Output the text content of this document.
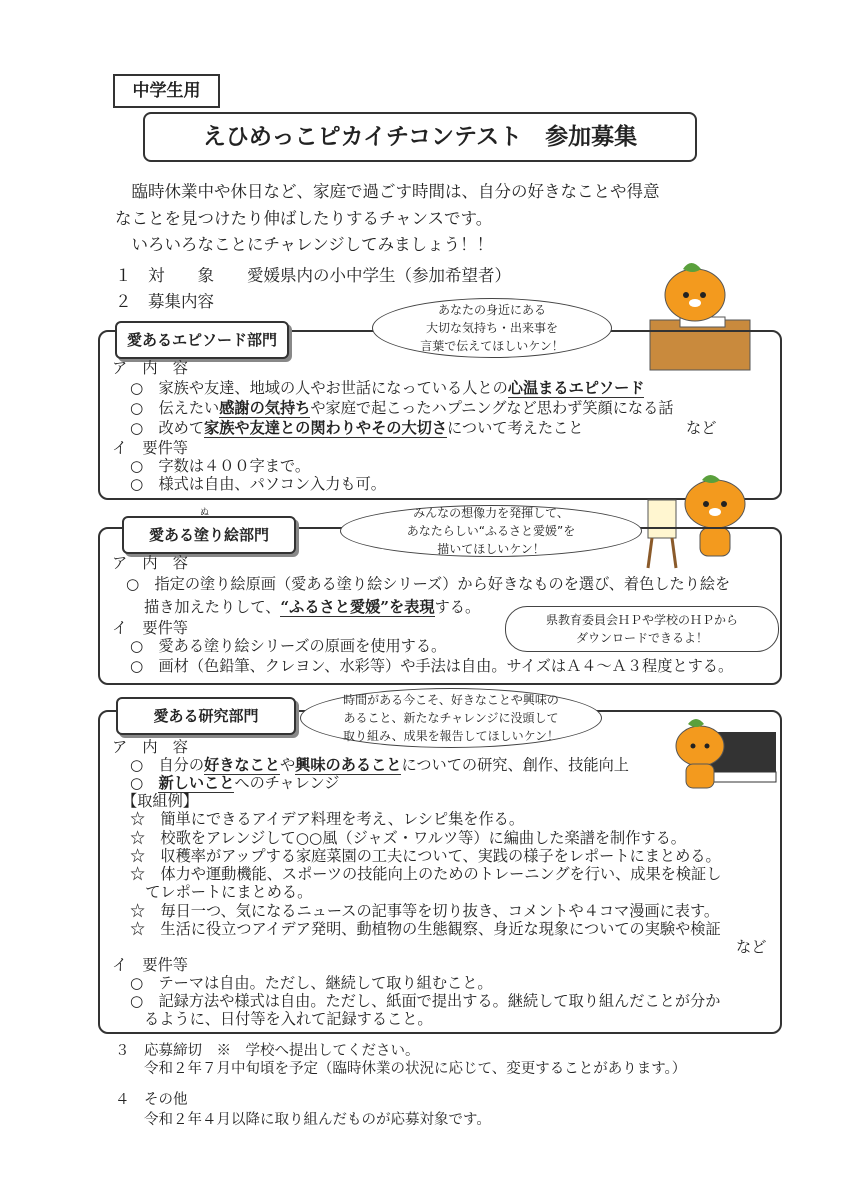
中学生用
えひめっこピカイチコンテスト　参加募集
　臨時休業中や休日など、家庭で過ごす時間は、自分の好きなことや得意
なことを見つけたり伸ばしたりするチャンスです。
　いろいろなことにチャレンジしてみましょう！！
１　対　　象　　愛媛県内の小中学生（参加希望者）
２　募集内容
愛あるエピソード部門
あなたの身近にある
大切な気持ち・出来事を
言葉で伝えてほしいケン！
ア　内　容
○　家族や友達、地域の人やお世話になっている人との心温まるエピソード
○　伝えたい感謝の気持ちや家庭で起こったハプニングなど思わず笑顔になる話
○　改めて家族や友達との関わりやその大切さについて考えたこと	など
イ　要件等
○　字数は４００字まで。
○　様式は自由、パソコン入力も可。
愛ある塗り絵部門
ぬ	みんなの想像力を発揮して、
あなたらしい“ふるさと愛媛”を
描いてほしいケン！
ア　内　容
○　指定の塗り絵原画（愛ある塗り絵シリーズ）から好きなものを選び、着色したり絵を
描き加えたりして、“ふるさと愛媛”を表現する。
イ　要件等	県教育委員会ＨＰや学校のＨＰから
ダウンロードできるよ！
○　愛ある塗り絵シリーズの原画を使用する。
○　画材（色鉛筆、クレヨン、水彩等）や手法は自由。サイズはＡ４～Ａ３程度とする。
愛ある研究部門
時間がある今こそ、好きなことや興味の
あること、新たなチャレンジに没頭して
取り組み、成果を報告してほしいケン！
ア　内　容
○　自分の好きなことや興味のあることについての研究、創作、技能向上
○　新しいことへのチャレンジ
【取組例】
☆　簡単にできるアイデア料理を考え、レシピ集を作る。
☆　校歌をアレンジして○○風（ジャズ・ワルツ等）に編曲した楽譜を制作する。
☆　収穫率がアップする家庭菜園の工夫について、実践の様子をレポートにまとめる。
☆　体力や運動機能、スポーツの技能向上のためのトレーニングを行い、成果を検証し
　てレポートにまとめる。
☆　毎日一つ、気になるニュースの記事等を切り抜き、コメントや４コマ漫画に表す。
☆　生活に役立つアイデア発明、動植物の生態観察、身近な現象についての実験や検証
など
イ　要件等
○　テーマは自由。ただし、継続して取り組むこと。
○　記録方法や様式は自由。ただし、紙面で提出する。継続して取り組んだことが分か
るように、日付等を入れて記録すること。
３　応募締切　※　学校へ提出してください。
令和２年７月中旬頃を予定（臨時休業の状況に応じて、変更することがあります。）
４　その他
令和２年４月以降に取り組んだものが応募対象です。
